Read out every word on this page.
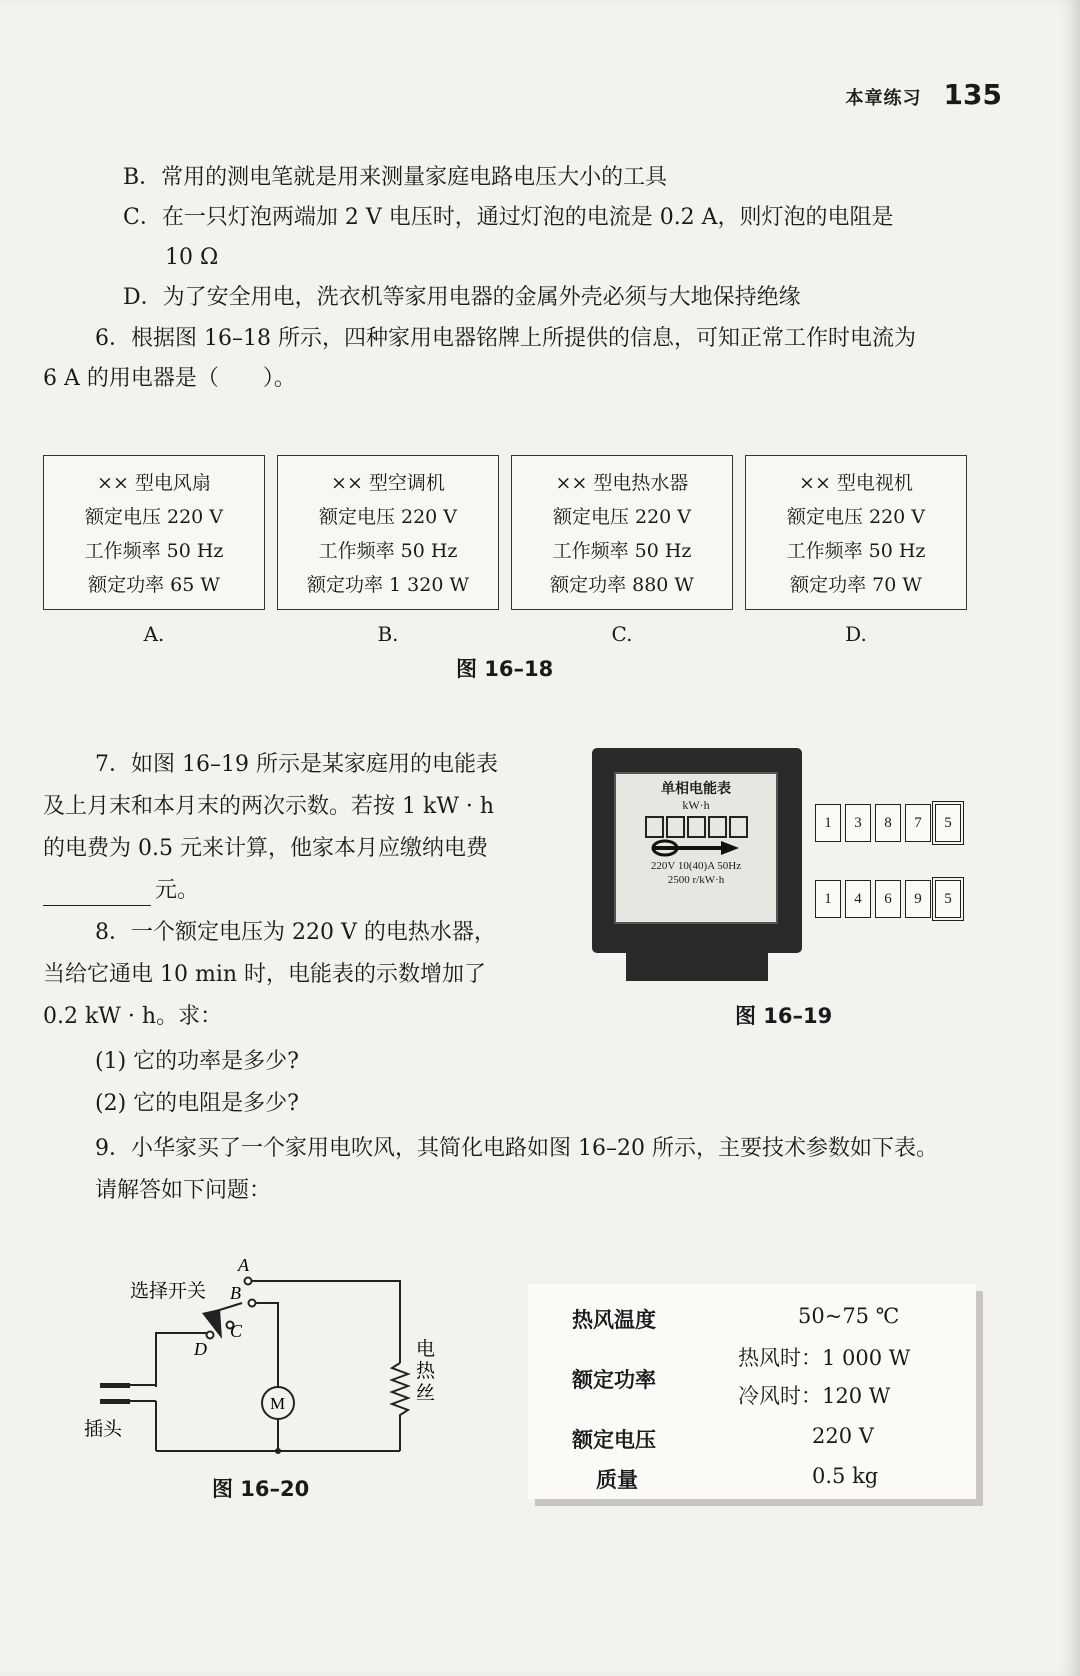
本章练习 135
B．常用的测电笔就是用来测量家庭电路电压大小的工具
C．在一只灯泡两端加 2 V 电压时，通过灯泡的电流是 0.2 A，则灯泡的电阻是
10 Ω
D．为了安全用电，洗衣机等家用电器的金属外壳必须与大地保持绝缘
6．根据图 16–18 所示，四种家用电器铭牌上所提供的信息，可知正常工作时电流为
6 A 的用电器是（　　）。
×× 型电风扇
额定电压 220 V
工作频率 50 Hz
额定功率 65 W
×× 型空调机
额定电压 220 V
工作频率 50 Hz
额定功率 1 320 W
×× 型电热水器
额定电压 220 V
工作频率 50 Hz
额定功率 880 W
×× 型电视机
额定电压 220 V
工作频率 50 Hz
额定功率 70 W
A.	B.	C.	D.
图 16–18
7．如图 16–19 所示是某家庭用的电能表
及上月末和本月末的两次示数。若按 1 kW · h
的电费为 0.5 元来计算，他家本月应缴纳电费
元。
8．一个额定电压为 220 V 的电热水器，
当给它通电 10 min 时，电能表的示数增加了
0.2 kW · h。求：
(1) 它的功率是多少?
(2) 它的电阻是多少?
单相电能表
kW·h
220V 10(40)A 50Hz
2500 r/kW·h
1	3	8	7	5
1	4	6	9	5
图 16–19
9．小华家买了一个家用电吹风，其简化电路如图 16–20 所示，主要技术参数如下表。
请解答如下问题：
选择开关
A
B
C
D
M
插头
电
热
丝
图 16–20
热风温度	50~75 ℃
额定功率
热风时：1 000 W
冷风时：120 W
额定电压	220 V
质量	0.5 kg
